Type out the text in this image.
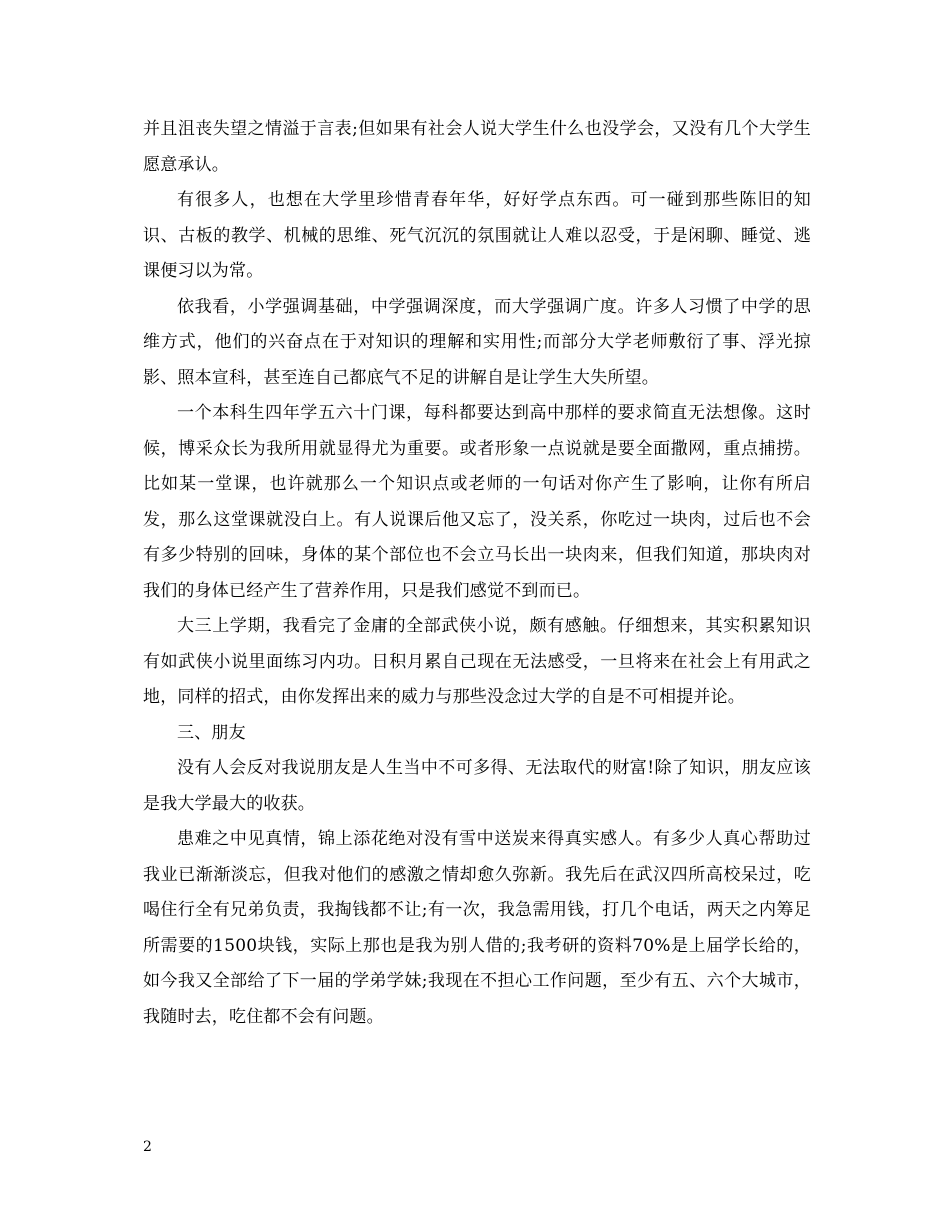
并且沮丧失望之情溢于言表;但如果有社会人说大学生什么也没学会，又没有几个大学生愿意承认。

有很多人，也想在大学里珍惜青春年华，好好学点东西。可一碰到那些陈旧的知识、古板的教学、机械的思维、死气沉沉的氛围就让人难以忍受，于是闲聊、睡觉、逃课便习以为常。

依我看，小学强调基础，中学强调深度，而大学强调广度。许多人习惯了中学的思维方式，他们的兴奋点在于对知识的理解和实用性;而部分大学老师敷衍了事、浮光掠影、照本宣科，甚至连自己都底气不足的讲解自是让学生大失所望。

一个本科生四年学五六十门课，每科都要达到高中那样的要求简直无法想像。这时候，博采众长为我所用就显得尤为重要。或者形象一点说就是要全面撒网，重点捕捞。比如某一堂课，也许就那么一个知识点或老师的一句话对你产生了影响，让你有所启发，那么这堂课就没白上。有人说课后他又忘了，没关系，你吃过一块肉，过后也不会有多少特别的回味，身体的某个部位也不会立马长出一块肉来，但我们知道，那块肉对我们的身体已经产生了营养作用，只是我们感觉不到而已。

大三上学期，我看完了金庸的全部武侠小说，颇有感触。仔细想来，其实积累知识有如武侠小说里面练习内功。日积月累自己现在无法感受，一旦将来在社会上有用武之地，同样的招式，由你发挥出来的威力与那些没念过大学的自是不可相提并论。

三、朋友

没有人会反对我说朋友是人生当中不可多得、无法取代的财富!除了知识，朋友应该是我大学最大的收获。

患难之中见真情，锦上添花绝对没有雪中送炭来得真实感人。有多少人真心帮助过我业已渐渐淡忘，但我对他们的感激之情却愈久弥新。我先后在武汉四所高校呆过，吃喝住行全有兄弟负责，我掏钱都不让;有一次，我急需用钱，打几个电话，两天之内筹足所需要的1500块钱，实际上那也是我为别人借的;我考研的资料70%是上届学长给的，如今我又全部给了下一届的学弟学妹;我现在不担心工作问题，至少有五、六个大城市，我随时去，吃住都不会有问题。

2
